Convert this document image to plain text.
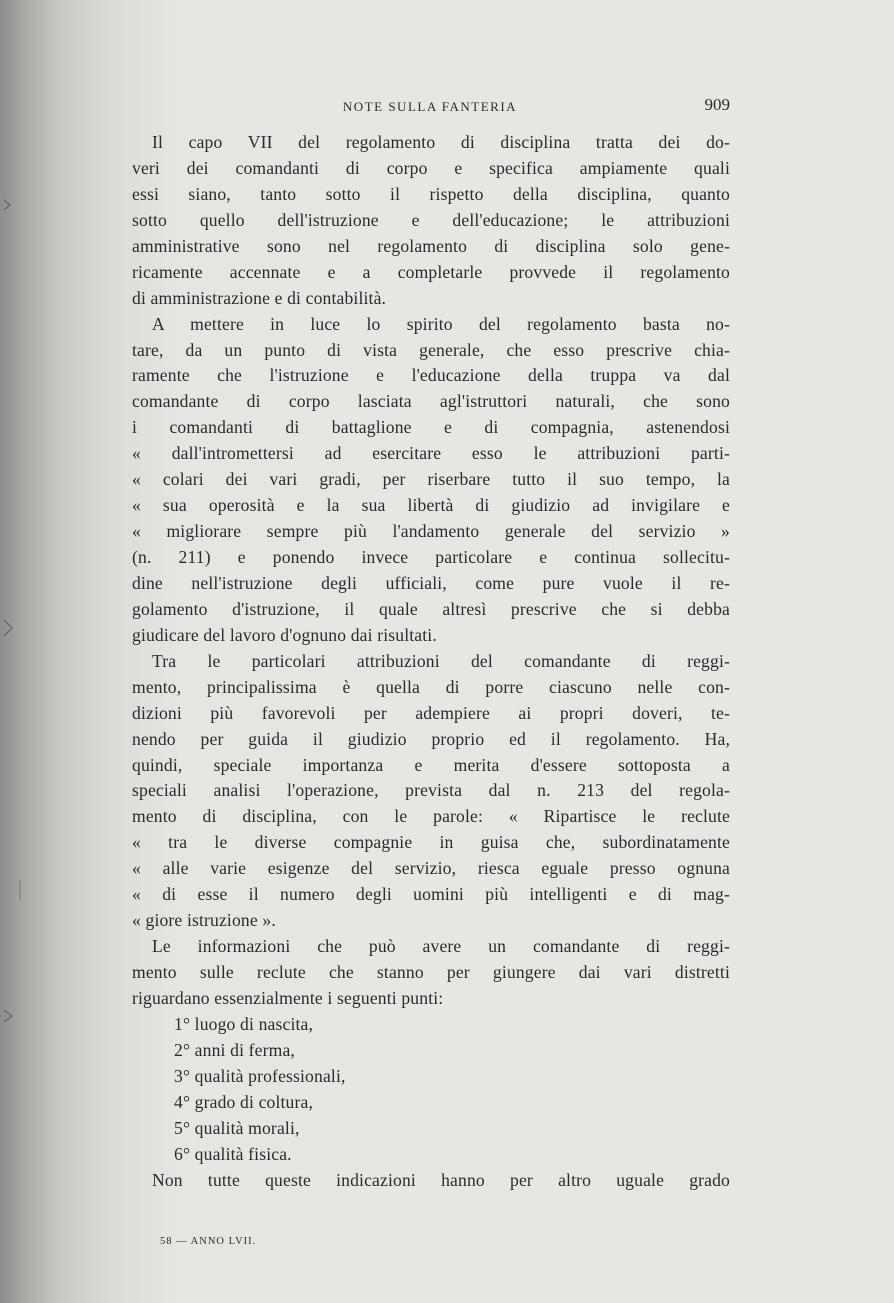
NOTE SULLA FANTERIA	909
Il capo VII del regolamento di disciplina tratta dei do-
veri dei comandanti di corpo e specifica ampiamente quali
essi siano, tanto sotto il rispetto della disciplina, quanto
sotto quello dell'istruzione e dell'educazione; le attribuzioni
amministrative sono nel regolamento di disciplina solo gene-
ricamente accennate e a completarle provvede il regolamento
di amministrazione e di contabilità.
A mettere in luce lo spirito del regolamento basta no-
tare, da un punto di vista generale, che esso prescrive chia-
ramente che l'istruzione e l'educazione della truppa va dal
comandante di corpo lasciata agl'istruttori naturali, che sono
i comandanti di battaglione e di compagnia, astenendosi
« dall'intromettersi ad esercitare esso le attribuzioni parti-
« colari dei vari gradi, per riserbare tutto il suo tempo, la
« sua operosità e la sua libertà di giudizio ad invigilare e
« migliorare sempre più l'andamento generale del servizio »
(n. 211) e ponendo invece particolare e continua sollecitu-
dine nell'istruzione degli ufficiali, come pure vuole il re-
golamento d'istruzione, il quale altresì prescrive che si debba
giudicare del lavoro d'ognuno dai risultati.
Tra le particolari attribuzioni del comandante di reggi-
mento, principalissima è quella di porre ciascuno nelle con-
dizioni più favorevoli per adempiere ai propri doveri, te-
nendo per guida il giudizio proprio ed il regolamento. Ha,
quindi, speciale importanza e merita d'essere sottoposta a
speciali analisi l'operazione, prevista dal n. 213 del regola-
mento di disciplina, con le parole: « Ripartisce le reclute
« tra le diverse compagnie in guisa che, subordinatamente
« alle varie esigenze del servizio, riesca eguale presso ognuna
« di esse il numero degli uomini più intelligenti e di mag-
« giore istruzione ».
Le informazioni che può avere un comandante di reggi-
mento sulle reclute che stanno per giungere dai vari distretti
riguardano essenzialmente i seguenti punti:
1° luogo di nascita,
2° anni di ferma,
3° qualità professionali,
4° grado di coltura,
5° qualità morali,
6° qualità fisica.
Non tutte queste indicazioni hanno per altro uguale grado
58 — ANNO LVII.
